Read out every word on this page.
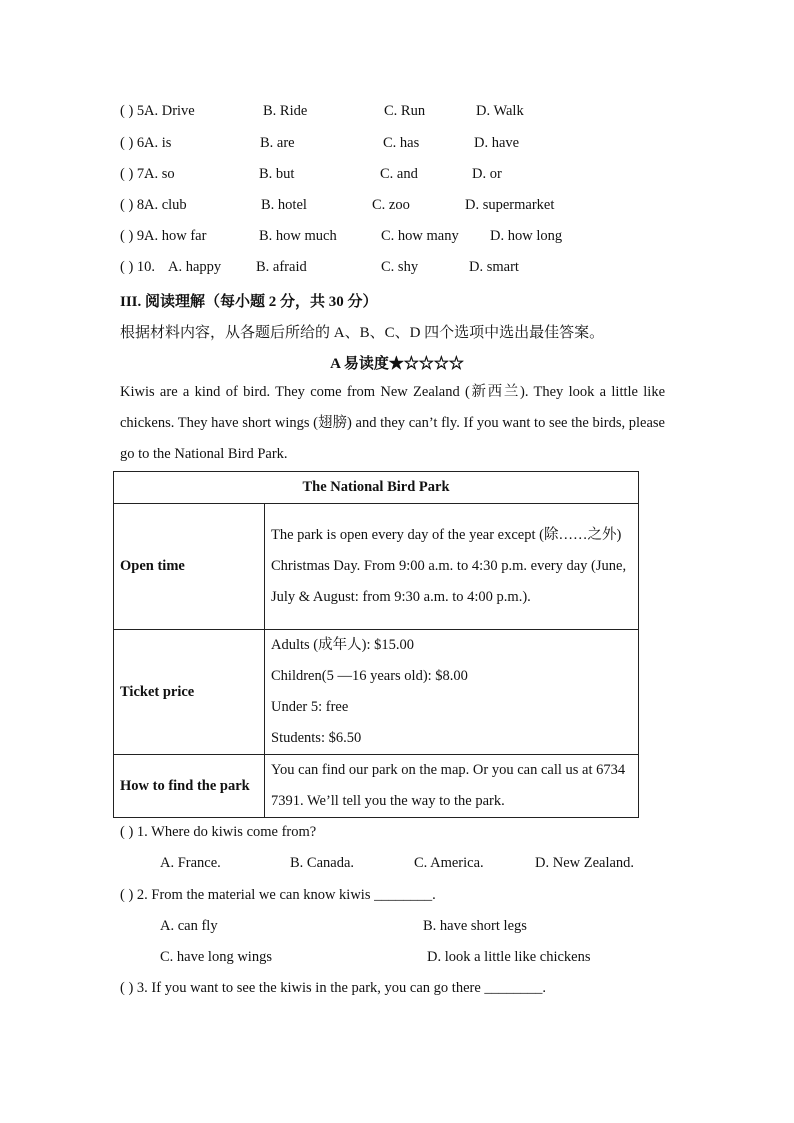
( ) 5.
A. Drive	B. Ride	C. Run	D. Walk
( ) 6.
A. is	B. are	C. has	D. have
( ) 7.
A. so	B. but	C. and	D. or
( ) 8.
A. club	B. hotel	C. zoo	D. supermarket
( ) 9.
A. how far	B. how much	C. how many D. how long
( ) 10. A. happy B. afraid	C. shy	D. smart
III. 阅读理解（每小题 2 分，共 30 分）
根据材料内容，从各题后所给的 A、B、C、D 四个选项中选出最佳答案。
A 易读度★☆☆☆☆
Kiwis are a kind of bird. They come from New Zealand (新西兰). They look a little like chickens. They have short wings (翅膀) and they can’t fly. If you want to see the birds, please go to the National Bird Park.
The National Bird Park	
Open time	The park is open every day of the year except (除……之外) Christmas Day. From 9:00 a.m. to 4:30 p.m. every day (June, July & August: from 9:30 a.m. to 4:00 p.m.).
Ticket price	Adults (成年人): $15.00
Children(5 —16 years old): $8.00
Under 5: free
Students: $6.50

How to find the park	You can find our park on the map. Or you can call us at 6734 7391. We’ll tell you the way to the park.
( ) 1. Where do kiwis come from?
A. France.	B. Canada.	C. America.	D. New Zealand.
( ) 2. From the material we can know kiwis ________.
A. can fly	B. have short legs
C. have long wings	D. look a little like chickens
( ) 3. If you want to see the kiwis in the park, you can go there ________.
